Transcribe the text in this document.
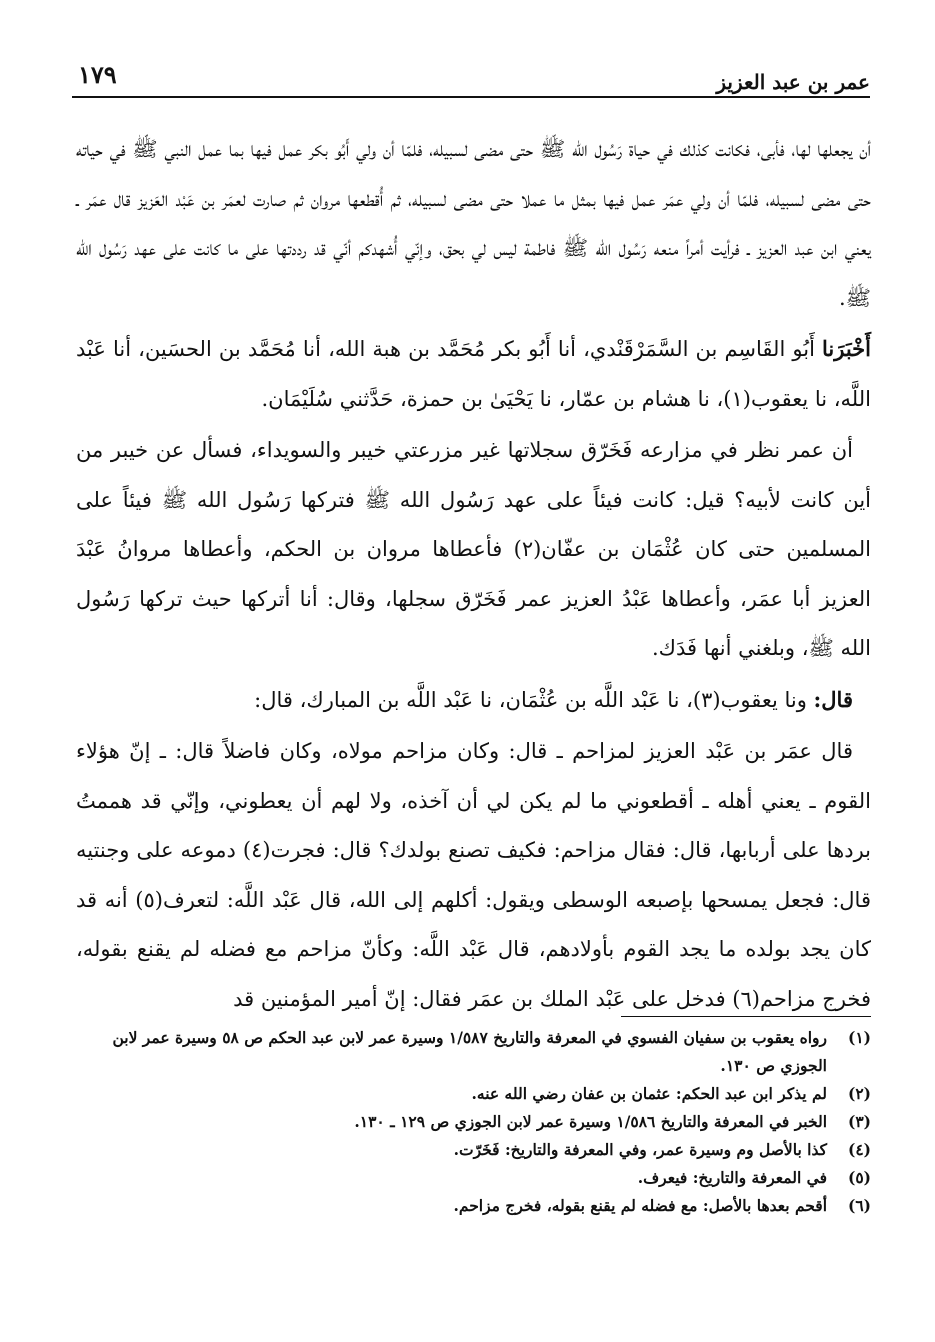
عمر بن عبد العزيز
١٧٩

أن يجعلها لها، فأبى، فكانت كذلك في حياة رَسُول الله ﷺ حتى مضى لسبيله، فلمّا أن ولي أَبُو بكر عمل فيها بما عمل النبي ﷺ في حياته حتى مضى لسبيله، فلمّا أن ولي عمَر عمل فيها بمثل ما عملا حتى مضى لسبيله، ثم أُقطعها مروان ثم صارت لعمَر بن عَبْد العَزيز قال عمَر ـ يعني ابن عبد العزيز ـ فرأيت أمراً منعه رَسُول الله ﷺ فاطمة ليس لي بحق، وإنّي أُشهدكم أنّي قد رددتها على ما كانت على عهد رَسُول الله ﷺ.

أَخْبَرَنا أَبُو القَاسِم بن السَّمَرْقَنْدي، أنا أَبُو بكر مُحَمَّد بن هبة الله، أنا مُحَمَّد بن الحسَين، أنا عَبْد اللَّه، نا يعقوب(١)، نا هشام بن عمّار، نا يَحْيَىٰ بن حمزة، حَدَّثني سُلَيْمَان.

أن عمر نظر في مزارعه فَخَرّق سجلاتها غير مزرعتي خيبر والسويداء، فسأل عن خيبر من أين كانت لأبيه؟ قيل: كانت فيئاً على عهد رَسُول الله ﷺ فتركها رَسُول الله ﷺ فيئاً على المسلمين حتى كان عُثْمَان بن عفّان(٢) فأعطاها مروان بن الحكم، وأعطاها مروانُ عَبْدَ العزيز أبا عمَر، وأعطاها عَبْدُ العزيز عمر فَخَرّق سجلها، وقال: أنا أتركها حيث تركها رَسُول الله ﷺ، وبلغني أنها فَدَك.

قال: ونا يعقوب(٣)، نا عَبْد اللَّه بن عُثْمَان، نا عَبْد اللَّه بن المبارك، قال:

قال عمَر بن عَبْد العزيز لمزاحم ـ قال: وكان مزاحم مولاه، وكان فاضلاً قال: ـ إنّ هؤلاء القوم ـ يعني أهله ـ أقطعوني ما لم يكن لي أن آخذه، ولا لهم أن يعطوني، وإنّي قد هممتُ بردها على أربابها، قال: فقال مزاحم: فكيف تصنع بولدك؟ قال: فجرت(٤) دموعه على وجنتيه قال: فجعل يمسحها بإصبعه الوسطى ويقول: أكلهم إلى الله، قال عَبْد اللَّه: لتعرف(٥) أنه قد كان يجد بولده ما يجد القوم بأولادهم، قال عَبْد اللَّه: وكأنّ مزاحم مع فضله لم يقنع بقوله، فخرج مزاحم(٦) فدخل على عَبْد الملك بن عمَر فقال: إنّ أمير المؤمنين قد

(١)
رواه يعقوب بن سفيان الفسوي في المعرفة والتاريخ ١/٥٨٧ وسيرة عمر لابن عبد الحكم ص ٥٨ وسيرة عمر لابن الجوزي ص ١٣٠.
(٢)
لم يذكر ابن عبد الحكم: عثمان بن عفان رضي الله عنه.
(٣)
الخبر في المعرفة والتاريخ ١/٥٨٦ وسيرة عمر لابن الجوزي ص ١٢٩ ـ ١٣٠.
(٤)
كذا بالأصل وم وسيرة عمر، وفي المعرفة والتاريخ: فَخَرّت.
(٥)
في المعرفة والتاريخ: فيعرف.
(٦)
أقحم بعدها بالأصل: مع فضله لم يقنع بقوله، فخرج مزاحم.
